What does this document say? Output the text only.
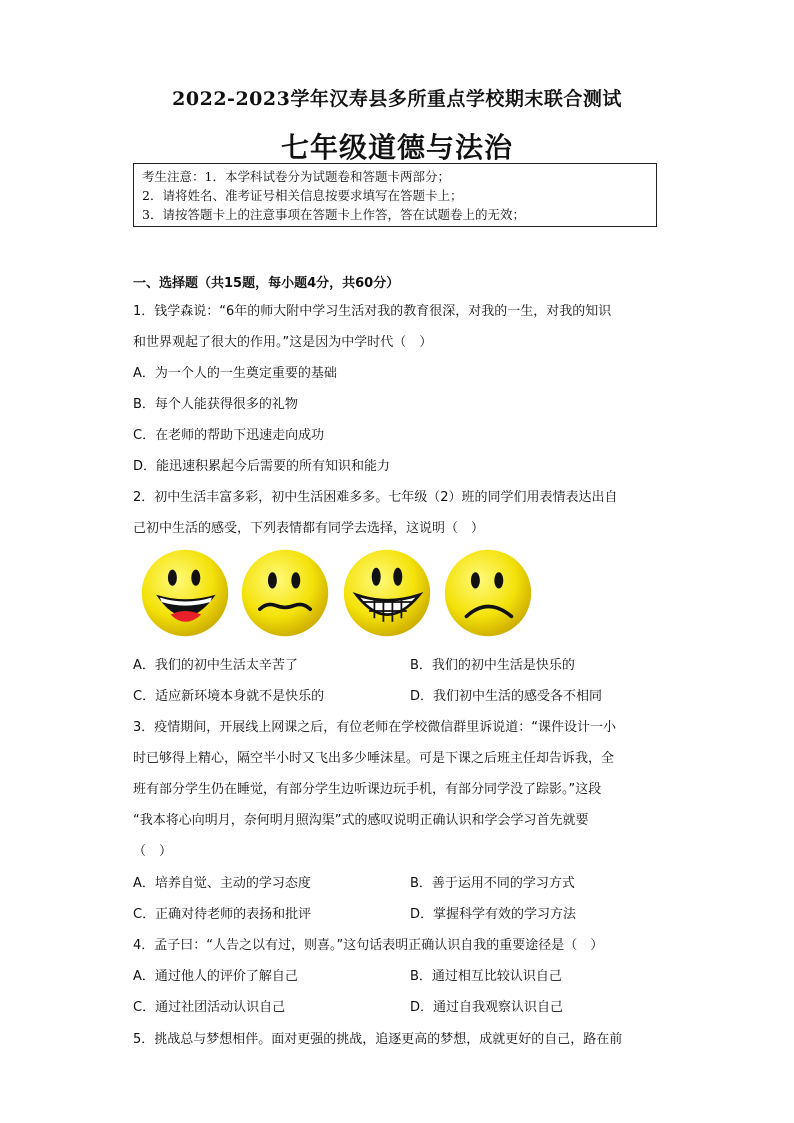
2022-2023学年汉寿县多所重点学校期末联合测试
七年级道德与法治
考生注意：1．本学科试卷分为试题卷和答题卡两部分；
2．请将姓名、准考证号相关信息按要求填写在答题卡上；
3．请按答题卡上的注意事项在答题卡上作答，答在试题卷上的无效；
一、选择题（共15题，每小题4分，共60分）
1．钱学森说：“6年的师大附中学习生活对我的教育很深，对我的一生，对我的知识
和世界观起了很大的作用。”这是因为中学时代（　）
A．为一个人的一生奠定重要的基础
B．每个人能获得很多的礼物
C．在老师的帮助下迅速走向成功
D．能迅速积累起今后需要的所有知识和能力
2．初中生活丰富多彩，初中生活困难多多。七年级（2）班的同学们用表情表达出自
己初中生活的感受，下列表情都有同学去选择，这说明（　）
A．我们的初中生活太辛苦了	B．我们的初中生活是快乐的
C．适应新环境本身就不是快乐的	D．我们初中生活的感受各不相同
3．疫情期间，开展线上网课之后，有位老师在学校微信群里诉说道：“课件设计一小
时已够得上精心，隔空半小时又飞出多少唾沫星。可是下课之后班主任却告诉我，全
班有部分学生仍在睡觉，有部分学生边听课边玩手机，有部分同学没了踪影。”这段
“我本将心向明月，奈何明月照沟渠”式的感叹说明正确认识和学会学习首先就要
（　）
A．培养自觉、主动的学习态度	B．善于运用不同的学习方式
C．正确对待老师的表扬和批评	D．掌握科学有效的学习方法
4．孟子曰：“人告之以有过，则喜。”这句话表明正确认识自我的重要途径是（　）
A．通过他人的评价了解自己	B．通过相互比较认识自己
C．通过社团活动认识自己	D．通过自我观察认识自己
5．挑战总与梦想相伴。面对更强的挑战，追逐更高的梦想，成就更好的自己，路在前
